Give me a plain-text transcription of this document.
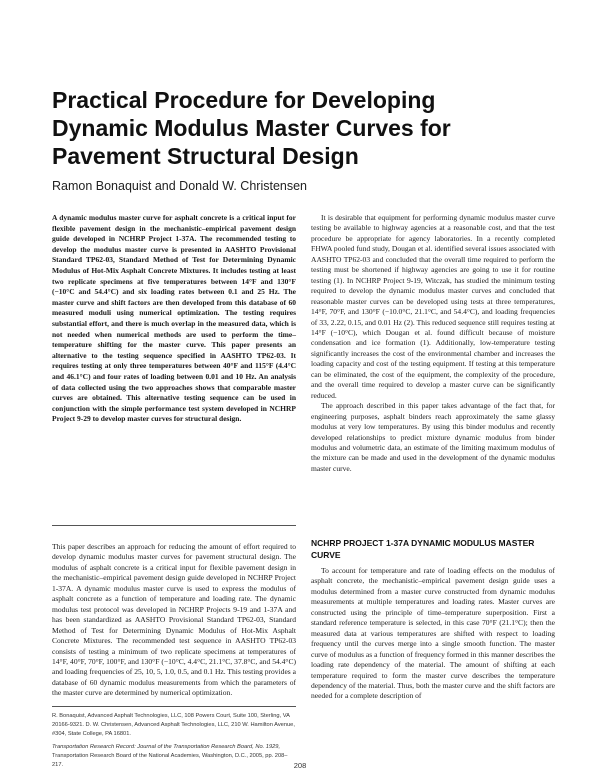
Practical Procedure for Developing Dynamic Modulus Master Curves for Pavement Structural Design

Ramon Bonaquist and Donald W. Christensen

A dynamic modulus master curve for asphalt concrete is a critical input for flexible pavement design in the mechanistic–empirical pavement design guide developed in NCHRP Project 1-37A. The recommended testing to develop the modulus master curve is presented in AASHTO Provisional Standard TP62-03, Standard Method of Test for Determining Dynamic Modulus of Hot-Mix Asphalt Concrete Mixtures. It includes testing at least two replicate specimens at five temperatures between 14°F and 130°F (−10°C and 54.4°C) and six loading rates between 0.1 and 25 Hz. The master curve and shift factors are then developed from this database of 60 measured moduli using numerical optimization. The testing requires substantial effort, and there is much overlap in the measured data, which is not needed when numerical methods are used to perform the time–temperature shifting for the master curve. This paper presents an alternative to the testing sequence specified in AASHTO TP62-03. It requires testing at only three temperatures between 40°F and 115°F (4.4°C and 46.1°C) and four rates of loading between 0.01 and 10 Hz. An analysis of data collected using the two approaches shows that comparable master curves are obtained. This alternative testing sequence can be used in conjunction with the simple performance test system developed in NCHRP Project 9-29 to develop master curves for structural design.

This paper describes an approach for reducing the amount of effort required to develop dynamic modulus master curves for pavement structural design. The modulus of asphalt concrete is a critical input for flexible pavement design in the mechanistic–empirical pavement design guide developed in NCHRP Project 1-37A. A dynamic modulus master curve is used to express the modulus of asphalt concrete as a function of temperature and loading rate. The dynamic modulus test protocol was developed in NCHRP Projects 9-19 and 1-37A and has been standardized as AASHTO Provisional Standard TP62-03, Standard Method of Test for Determining Dynamic Modulus of Hot-Mix Asphalt Concrete Mixtures. The recommended test sequence in AASHTO TP62-03 consists of testing a minimum of two replicate specimens at temperatures of 14°F, 40°F, 70°F, 100°F, and 130°F (−10°C, 4.4°C, 21.1°C, 37.8°C, and 54.4°C) and loading frequencies of 25, 10, 5, 1.0, 0.5, and 0.1 Hz. This testing provides a database of 60 dynamic modulus measurements from which the parameters of the master curve are determined by numerical optimization.

R. Bonaquist, Advanced Asphalt Technologies, LLC, 108 Powers Court, Suite 100, Sterling, VA 20166-9321. D. W. Christensen, Advanced Asphalt Technologies, LLC, 210 W. Hamilton Avenue, #304, State College, PA 16801.

Transportation Research Record: Journal of the Transportation Research Board, No. 1929, Transportation Research Board of the National Academies, Washington, D.C., 2005, pp. 208–217.

It is desirable that equipment for performing dynamic modulus master curve testing be available to highway agencies at a reasonable cost, and that the test procedure be appropriate for agency laboratories. In a recently completed FHWA pooled fund study, Dougan et al. identified several issues associated with AASHTO TP62-03 and concluded that the overall time required to perform the testing must be shortened if highway agencies are going to use it for routine testing (1). In NCHRP Project 9-19, Witczak, has studied the minimum testing required to develop the dynamic modulus master curves and concluded that reasonable master curves can be developed using tests at three temperatures, 14°F, 70°F, and 130°F (−10.0°C, 21.1°C, and 54.4°C), and loading frequencies of 33, 2.22, 0.15, and 0.01 Hz (2). This reduced sequence still requires testing at 14°F (−10°C), which Dougan et al. found difficult because of moisture condensation and ice formation (1). Additionally, low-temperature testing significantly increases the cost of the environmental chamber and increases the loading capacity and cost of the testing equipment. If testing at this temperature can be eliminated, the cost of the equipment, the complexity of the procedure, and the overall time required to develop a master curve can be significantly reduced.

The approach described in this paper takes advantage of the fact that, for engineering purposes, asphalt binders reach approximately the same glassy modulus at very low temperatures. By using this binder modulus and recently developed relationships to predict mixture dynamic modulus from binder modulus and volumetric data, an estimate of the limiting maximum modulus of the mixture can be made and used in the development of the dynamic modulus master curve.

NCHRP PROJECT 1-37A DYNAMIC MODULUS MASTER CURVE

To account for temperature and rate of loading effects on the modulus of asphalt concrete, the mechanistic–empirical pavement design guide uses a modulus determined from a master curve constructed from dynamic modulus measurements at multiple temperatures and loading rates. Master curves are constructed using the principle of time–temperature superposition. First a standard reference temperature is selected, in this case 70°F (21.1°C); then the measured data at various temperatures are shifted with respect to loading frequency until the curves merge into a single smooth function. The master curve of modulus as a function of frequency formed in this manner describes the loading rate dependency of the material. The amount of shifting at each temperature required to form the master curve describes the temperature dependency of the material. Thus, both the master curve and the shift factors are needed for a complete description of

208
